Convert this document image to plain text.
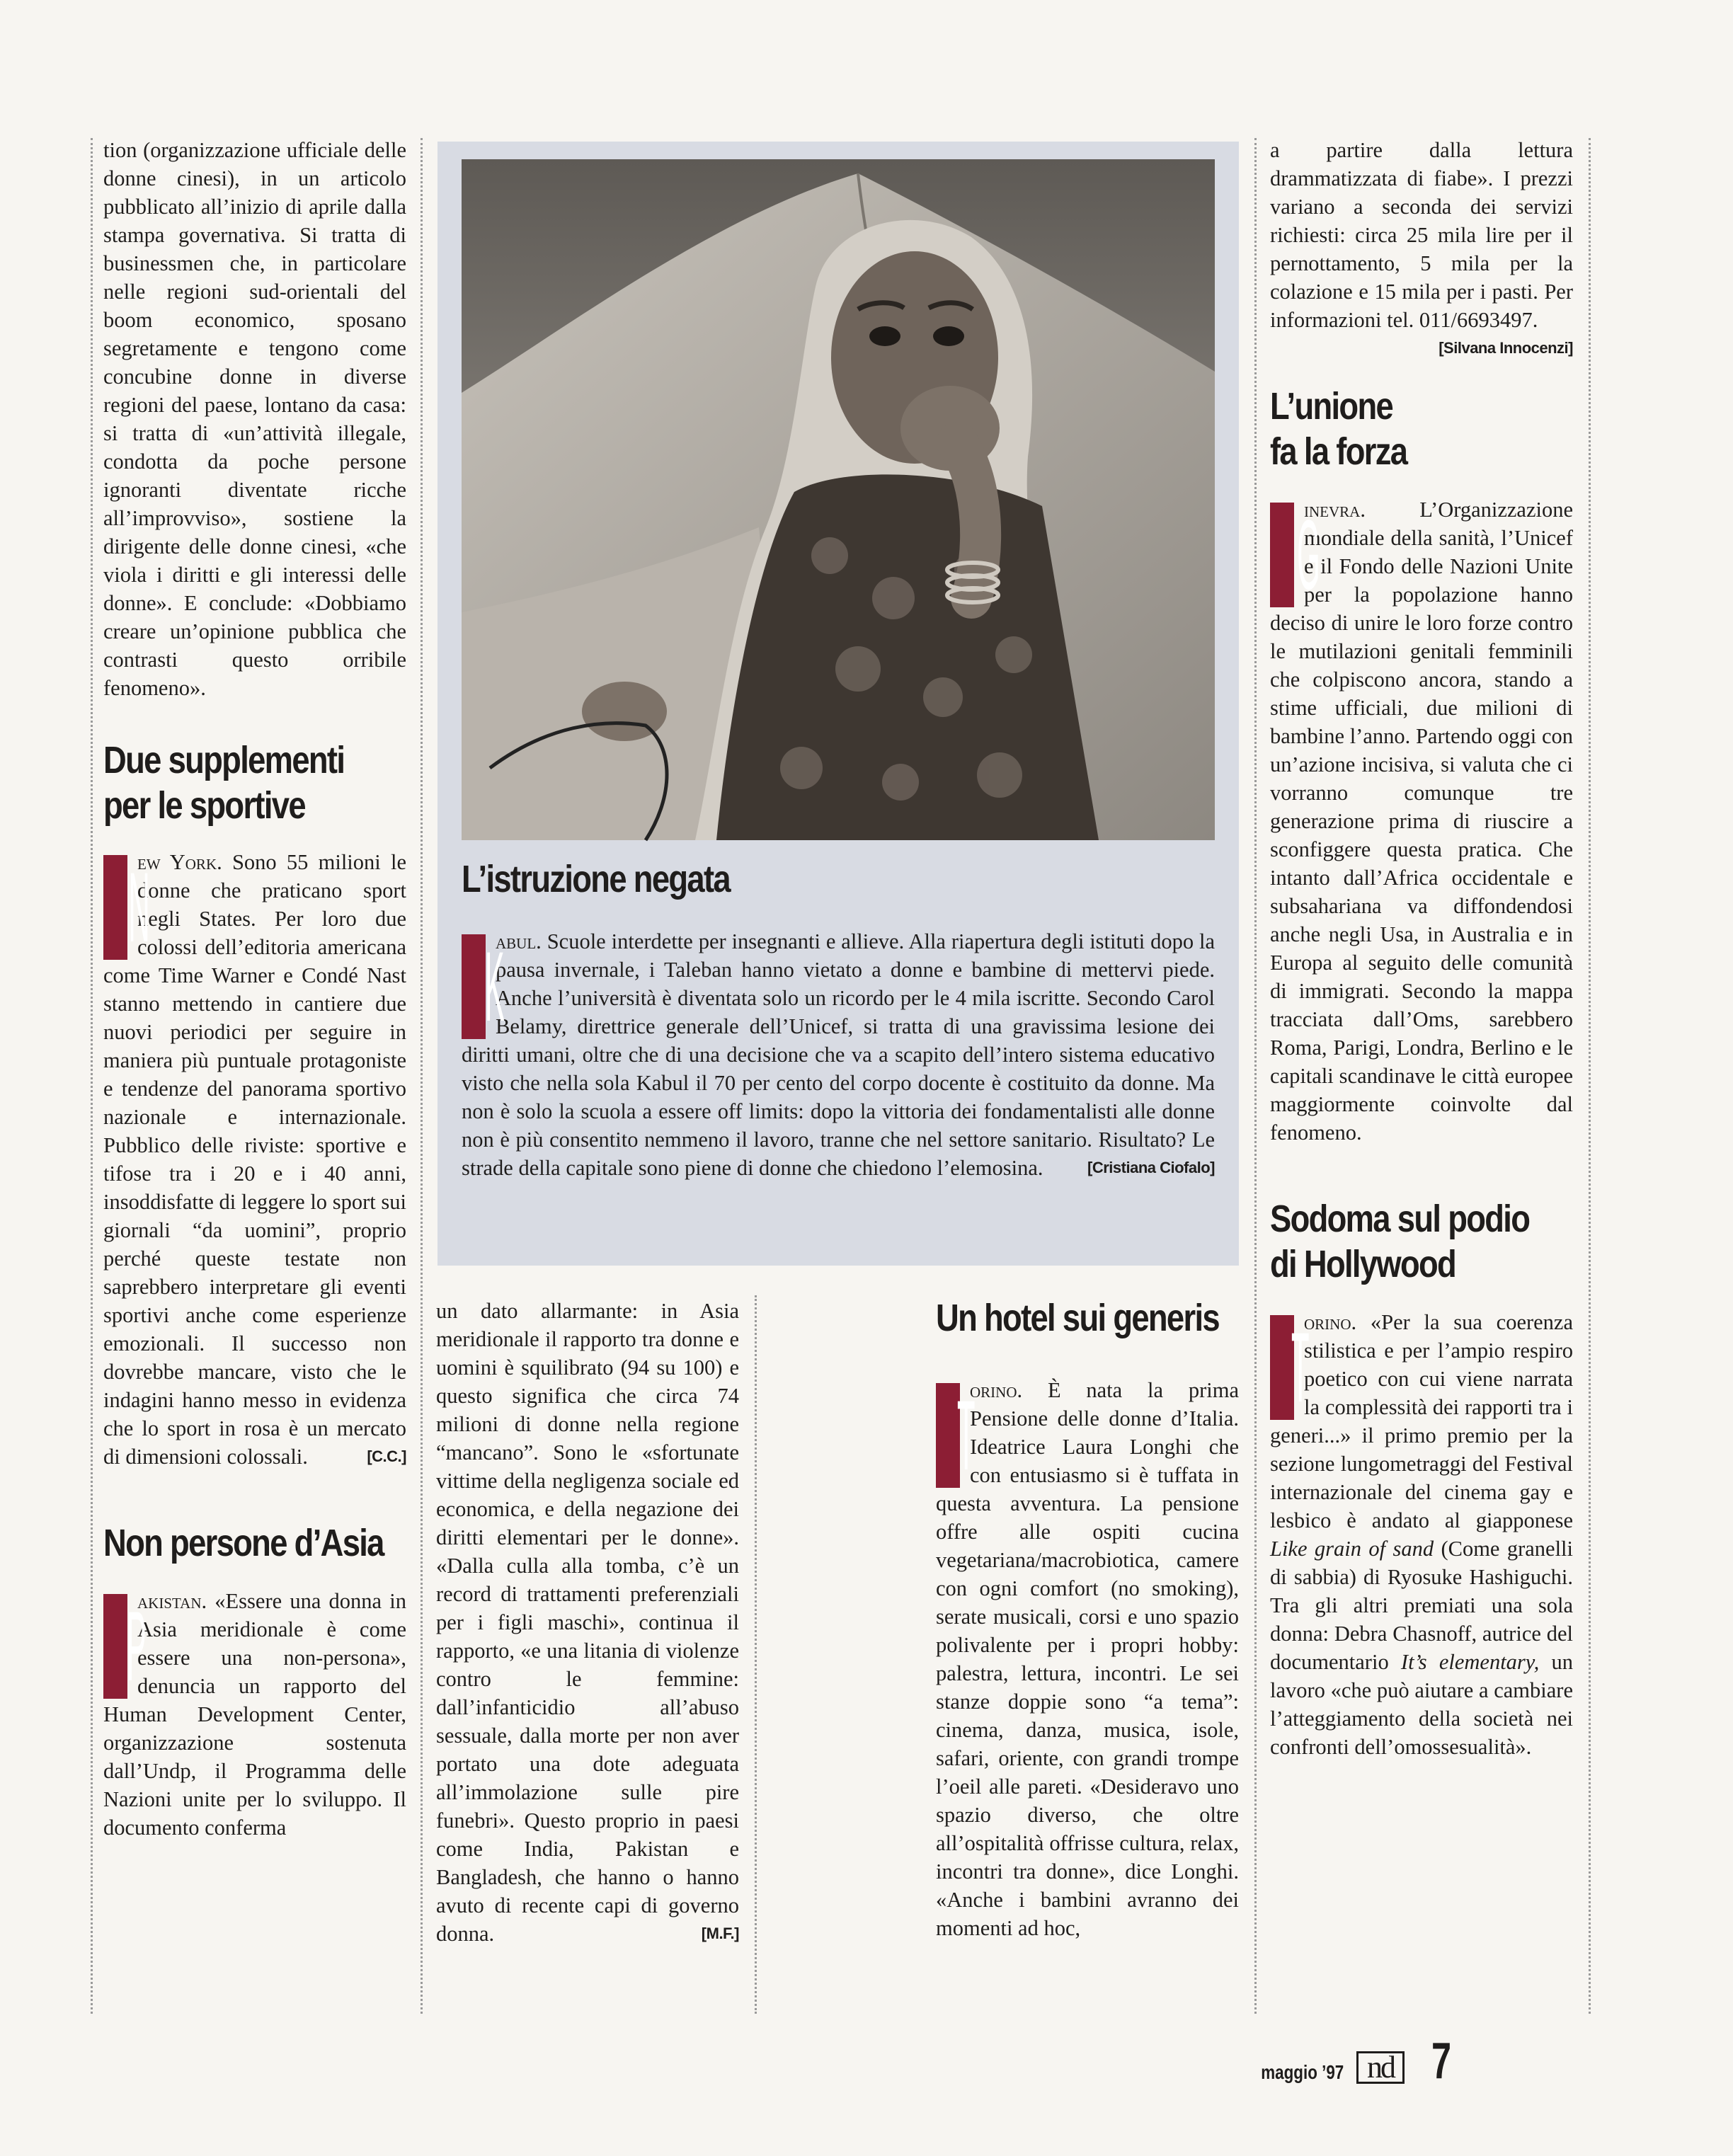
tion (organizzazione ufficiale delle donne cinesi), in un articolo pubblicato all’inizio di aprile dalla stampa governativa. Si tratta di businessmen che, in particolare nelle regioni sud-orientali del boom economico, sposano segretamente e tengono come concubine donne in diverse regioni del paese, lontano da casa: si tratta di «un’attività illegale, condotta da poche persone ignoranti diventate ricche all’improvviso», sostiene la dirigente delle donne cinesi, «che viola i diritti e gli interessi delle donne». E conclude: «Dobbiamo creare un’opinione pubblica che contrasti questo orribile fenomeno».

Due supplementi
per le sportive

N
ew York. Sono 55 milioni le donne che praticano sport negli States. Per loro due colossi dell’editoria americana come Time Warner e Condé Nast stanno mettendo in cantiere due nuovi periodici per seguire in maniera più puntuale protagoniste e tendenze del panorama sportivo nazionale e internazionale. Pubblico delle riviste: sportive e tifose tra i 20 e i 40 anni, insoddisfatte di leggere lo sport sui giornali “da uomini”, proprio perché queste testate non saprebbero interpretare gli eventi sportivi anche come esperienze emozionali. Il successo non dovrebbe mancare, visto che le indagini hanno messo in evidenza che lo sport in rosa è un mercato di dimensioni colossali.	[C.C.]

Non persone d’Asia

P
akistan. «Essere una donna in Asia meridionale è come essere una non-persona», denuncia un rapporto del Human Development Center, organizzazione sostenuta dall’Undp, il Programma delle Nazioni unite per lo sviluppo. Il documento conferma

L’istruzione negata

K
abul. Scuole interdette per insegnanti e allieve. Alla riapertura degli istituti dopo la pausa invernale, i Taleban hanno vietato a donne e bambine di mettervi piede. Anche l’università è diventata solo un ricordo per le 4 mila iscritte. Secondo Carol Belamy, direttrice generale dell’Unicef, si tratta di una gravissima lesione dei diritti umani, oltre che di una decisione che va a scapito dell’intero sistema educativo visto che nella sola Kabul il 70 per cento del corpo docente è costituito da donne. Ma non è solo la scuola a essere off limits: dopo la vittoria dei fondamentalisti alle donne non è più consentito nemmeno il lavoro, tranne che nel settore sanitario. Risultato? Le strade della capitale sono piene di donne che chiedono l’elemosina.	[Cristiana Ciofalo]

un dato allarmante: in Asia meridionale il rapporto tra donne e uomini è squilibrato (94 su 100) e questo significa che circa 74 milioni di donne nella regione “mancano”. Sono le «sfortunate vittime della negligenza sociale ed economica, e della negazione dei diritti elementari per le donne». «Dalla culla alla tomba, c’è un record di trattamenti preferenziali per i figli maschi», continua il rapporto, «e una litania di violenze contro le femmine: dall’infanticidio all’abuso sessuale, dalla morte per non aver portato una dote adeguata all’immolazione sulle pire funebri». Questo proprio in paesi come India, Pakistan e Bangladesh, che hanno o hanno avuto di recente capi di governo donna.	[M.F.]

Un hotel sui generis

T
orino. È nata la prima Pensione delle donne d’Italia. Ideatrice Laura Longhi che con entusiasmo si è tuffata in questa avventura. La pensione offre alle ospiti cucina vegetariana/macrobiotica, camere con ogni comfort (no smoking), serate musicali, corsi e uno spazio polivalente per i propri hobby: palestra, lettura, incontri. Le sei stanze doppie sono “a tema”: cinema, danza, musica, isole, safari, oriente, con grandi trompe l’oeil alle pareti. «Desideravo uno spazio diverso, che oltre all’ospitalità offrisse cultura, relax, incontri tra donne», dice Longhi. «Anche i bambini avranno dei momenti ad hoc,

a partire dalla lettura drammatizzata di fiabe». I prezzi variano a seconda dei servizi richiesti: circa 25 mila lire per il pernottamento, 5 mila per la colazione e 15 mila per i pasti. Per informazioni tel. 011/6693497.
[Silvana Innocenzi]

L’unione
fa la forza

G
inevra. L’Organizzazione mondiale della sanità, l’Unicef e il Fondo delle Nazioni Unite per la popolazione hanno deciso di unire le loro forze contro le mutilazioni genitali femminili che colpiscono ancora, stando a stime ufficiali, due milioni di bambine l’anno. Partendo oggi con un’azione incisiva, si valuta che ci vorranno comunque tre generazione prima di riuscire a sconfiggere questa pratica. Che intanto dall’Africa occidentale e subsahariana va diffondendosi anche negli Usa, in Australia e in Europa al seguito delle comunità di immigrati. Secondo la mappa tracciata dall’Oms, sarebbero Roma, Parigi, Londra, Berlino e le capitali scandinave le città europee maggiormente coinvolte dal fenomeno.

Sodoma sul podio
di Hollywood

T
orino. «Per la sua coerenza stilistica e per l’ampio respiro poetico con cui viene narrata la complessità dei rapporti tra i generi...» il primo premio per la sezione lungometraggi del Festival internazionale del cinema gay e lesbico è andato al giapponese Like grain of sand (Come granelli di sabbia) di Ryosuke Hashiguchi. Tra gli altri premiati una sola donna: Debra Chasnoff, autrice del documentario It’s elementary, un lavoro «che può aiutare a cambiare l’atteggiamento della società nei confronti dell’omossesualità».

maggio ’97 nd 7
